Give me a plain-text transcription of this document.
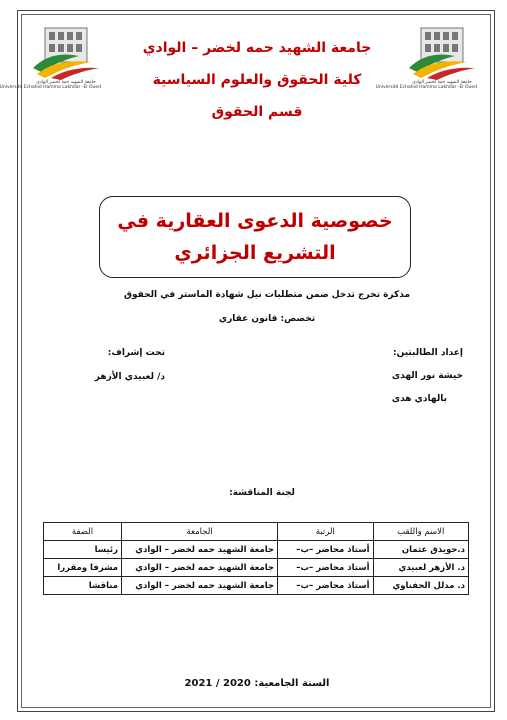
جامعة الشهيد حمه لخضر الوادي
Université Echahid Hamma Lakhdar -El Oued
جامعة الشهيد حمه لخضر الوادي
Université Echahid Hamma Lakhdar -El Oued
جامعة الشهيد حمه لخضر – الوادي
كلية الحقوق والعلوم السياسية
قسم الحقوق
خصوصية الدعوى العقارية في التشريع الجزائري
مذكرة تخرج تدخل ضمن متطلبات نيل شهادة الماستر في الحقوق
تخصص: قانون عقاري
إعداد الطالبتين:
خيشة نور الهدى
بالهادي هدى
تحت إشراف:
د/ لعبيدي الأزهر
لجنة المناقشة:
الاسم واللقب	الرتبة	الجامعة	الصفة
د.حويذق عثمان	أستاذ محاضر –ب–	جامعة الشهيد حمه لخضر – الوادي	رئيسا
د. الأزهر لعبيدي	أستاذ محاضر –ب–	جامعة الشهيد حمه لخضر – الوادي	مشرفا ومقررا
د. مدلل الحفناوي	أستاذ محاضر –ب–	جامعة الشهيد حمه لخضر – الوادي	مناقشا
السنة الجامعية: 2020 / 2021
